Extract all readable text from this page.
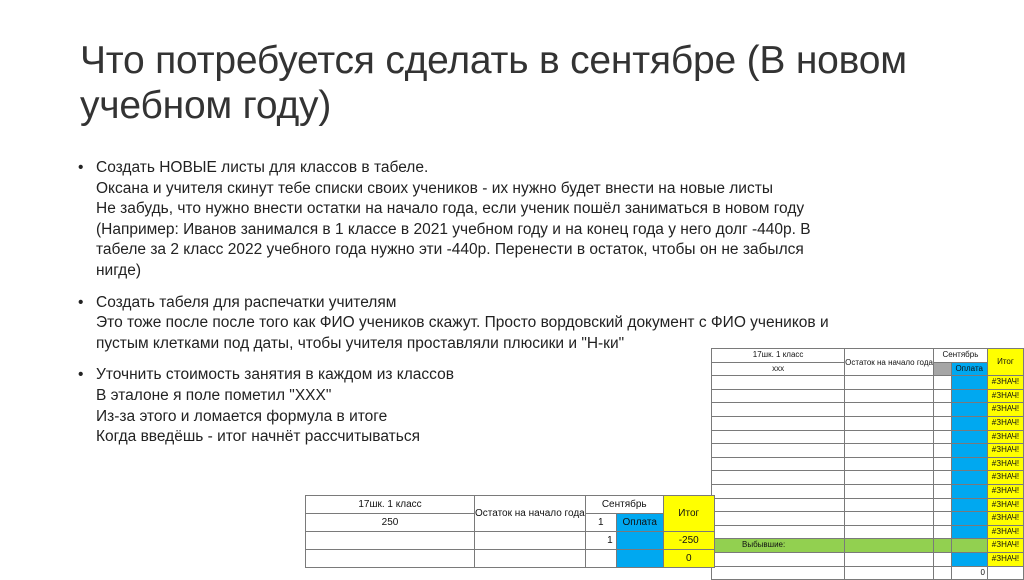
Что потребуется сделать в сентябре (В новом учебном году)
• Создать НОВЫЕ листы для классов в табеле.
Оксана и учителя скинут тебе списки своих учеников - их нужно будет внести на новые листы
Не забудь, что нужно внести остатки на начало года, если ученик пошёл заниматься в новом году
(Например: Иванов занимался в 1 классе в 2021 учебном году и на конец года у него долг -440р. В
табеле за 2 класс 2022 учебного года нужно эти -440р. Перенести в остаток, чтобы он не забылся
нигде)
• Создать табеля для распечатки учителям
Это тоже после после того как ФИО учеников скажут. Просто вордовский документ с ФИО учеников и
пустым клетками под даты, чтобы учителя проставляли плюсики и "Н-ки"
• Уточнить стоимость занятия в каждом из классов
В эталоне я поле пометил "ХХХ"
Из-за этого и ломается формула в итоге
Когда введёшь - итог начнёт рассчитываться
17шк. 1 класс	Остаток на начало года	Сентябрь		Итог
xxx			Оплата	
				#ЗНАЧ!
				#ЗНАЧ!
				#ЗНАЧ!
				#ЗНАЧ!
				#ЗНАЧ!
				#ЗНАЧ!
				#ЗНАЧ!
				#ЗНАЧ!
				#ЗНАЧ!
				#ЗНАЧ!
				#ЗНАЧ!
				#ЗНАЧ!
Выбывшие:				#ЗНАЧ!
				#ЗНАЧ!
			0	
17шк. 1 класс	Остаток на начало года	Сентябрь		Итог
250		1	Оплата	
		1		-250
				0
